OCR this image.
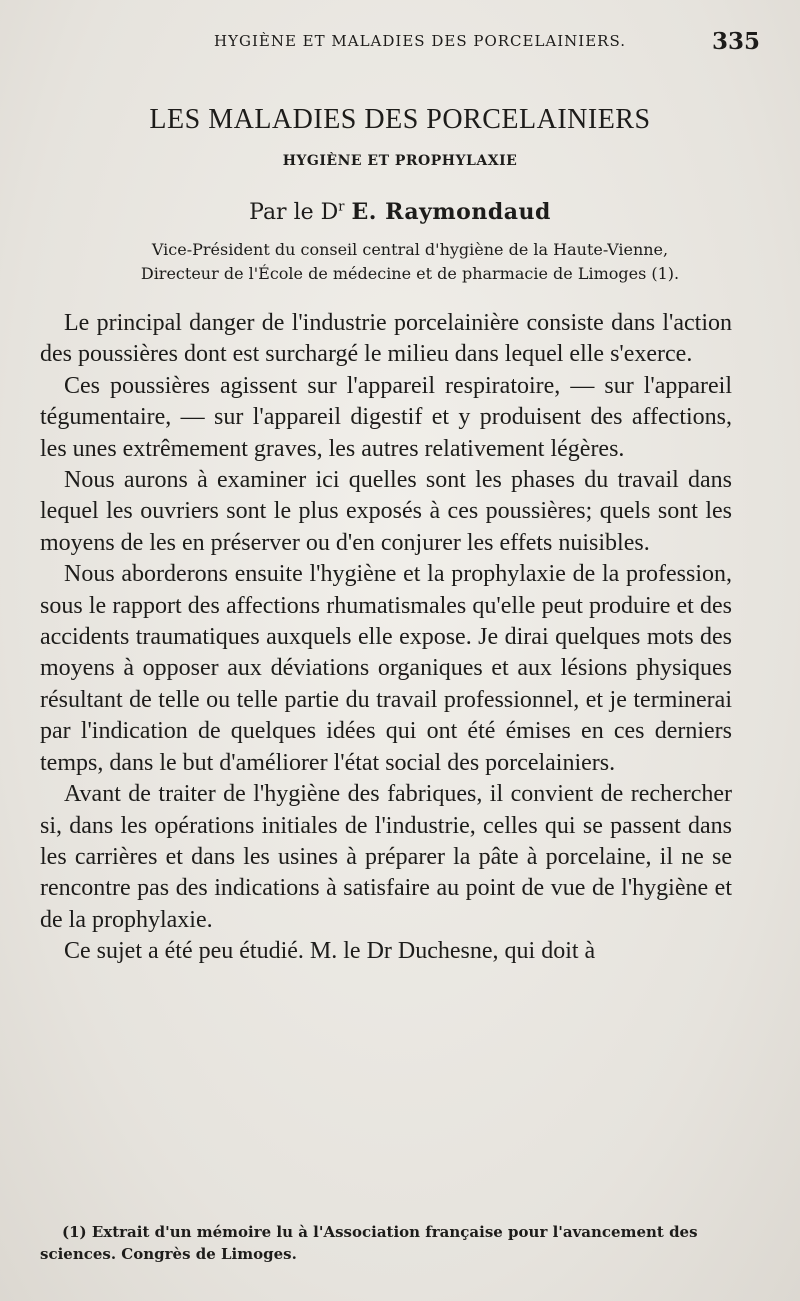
HYGIÈNE ET MALADIES DES PORCELAINIERS.	335
LES MALADIES DES PORCELAINIERS
HYGIÈNE ET PROPHYLAXIE
Par le $D^r$ E. Raymondaud
Vice-Président du conseil central d'hygiène de la Haute-Vienne,
Directeur de l'École de médecine et de pharmacie de Limoges (1).

Le principal danger de l'industrie porcelainière consiste dans l'action des poussières dont est surchargé le milieu dans lequel elle s'exerce.

Ces poussières agissent sur l'appareil respiratoire, — sur l'appareil tégumentaire, — sur l'appareil digestif et y produisent des affections, les unes extrêmement graves, les autres relativement légères.

Nous aurons à examiner ici quelles sont les phases du travail dans lequel les ouvriers sont le plus exposés à ces poussières; quels sont les moyens de les en préserver ou d'en conjurer les effets nuisibles.

Nous aborderons ensuite l'hygiène et la prophylaxie de la profession, sous le rapport des affections rhumatismales qu'elle peut produire et des accidents traumatiques auxquels elle expose. Je dirai quelques mots des moyens à opposer aux déviations organiques et aux lésions physiques résultant de telle ou telle partie du travail professionnel, et je terminerai par l'indication de quelques idées qui ont été émises en ces derniers temps, dans le but d'améliorer l'état social des porcelainiers.

Avant de traiter de l'hygiène des fabriques, il convient de rechercher si, dans les opérations initiales de l'industrie, celles qui se passent dans les carrières et dans les usines à préparer la pâte à porcelaine, il ne se rencontre pas des indications à satisfaire au point de vue de l'hygiène et de la prophylaxie.

Ce sujet a été peu étudié. M. le Dr Duchesne, qui doit à

(1) Extrait d'un mémoire lu à l'Association française pour l'avancement des sciences. Congrès de Limoges.
